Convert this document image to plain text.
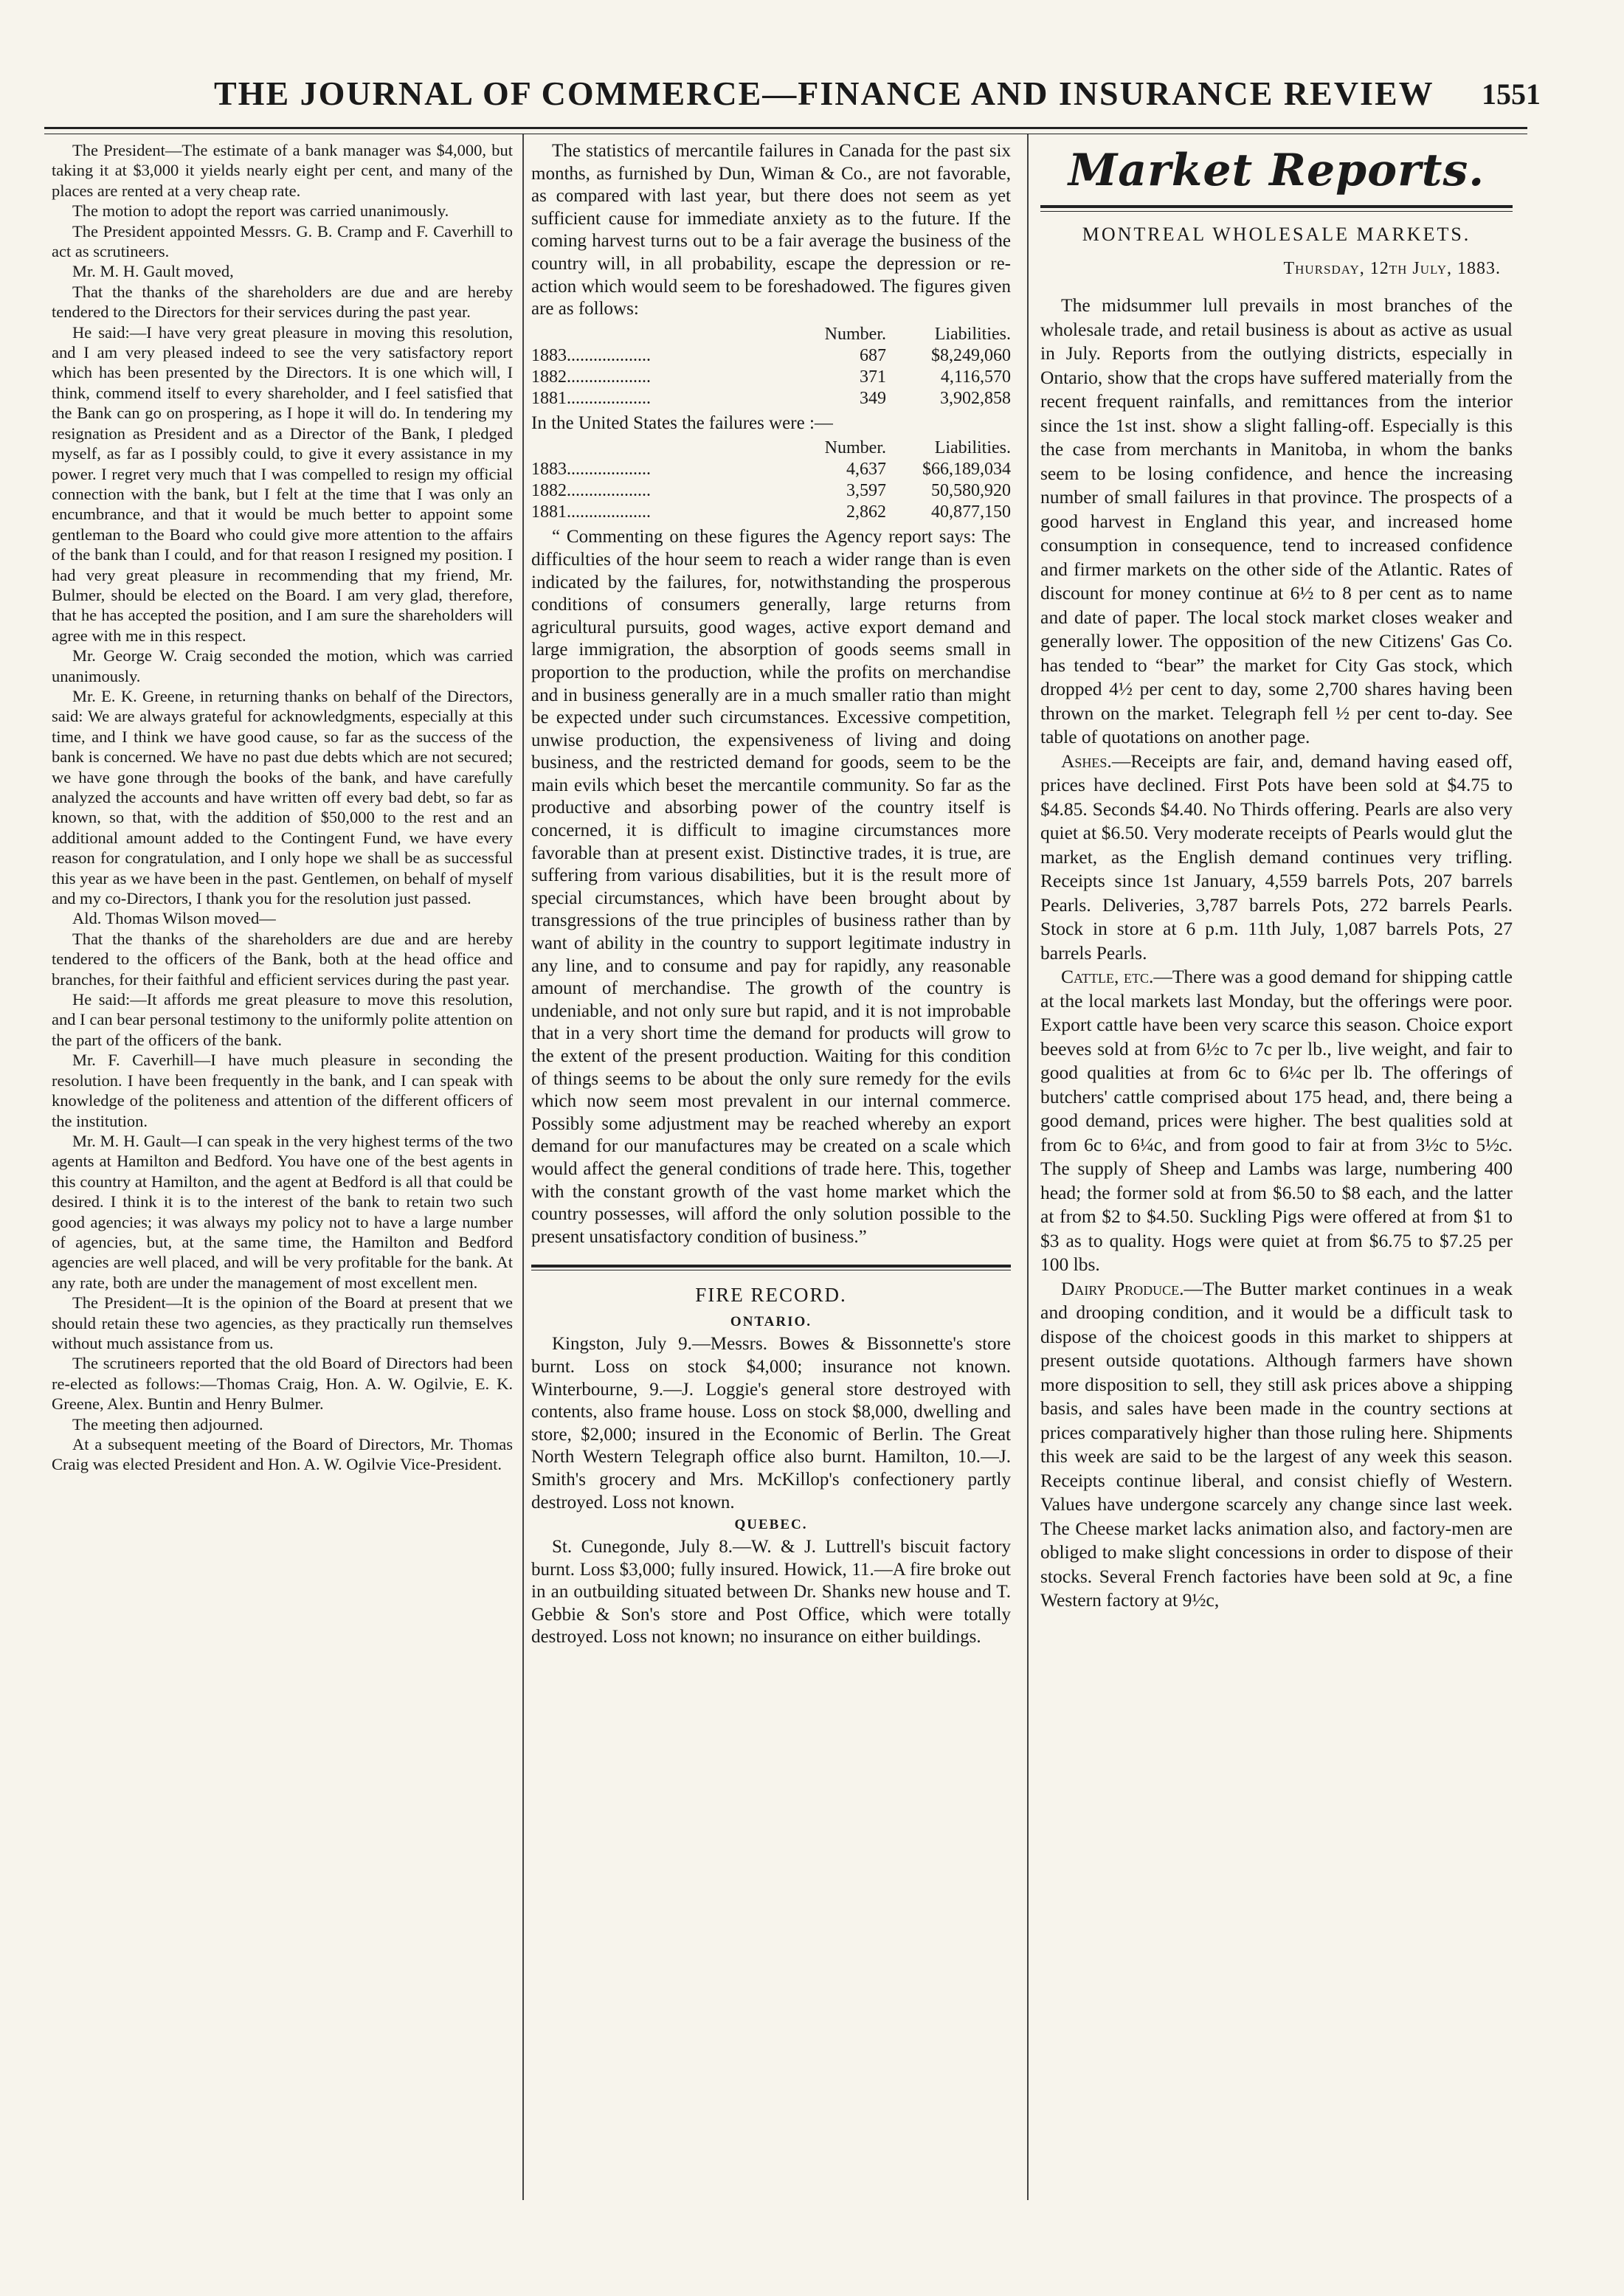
THE JOURNAL OF COMMERCE—FINANCE AND INSURANCE REVIEW 1551

The President—The estimate of a bank manager was $4,000, but taking it at $3,000 it yields nearly eight per cent, and many of the places are rented at a very cheap rate.

The motion to adopt the report was carried unanimously.

The President appointed Messrs. G. B. Cramp and F. Caverhill to act as scrutineers.

Mr. M. H. Gault moved,

That the thanks of the shareholders are due and are hereby tendered to the Directors for their services during the past year.

He said:—I have very great pleasure in moving this resolution, and I am very pleased indeed to see the very satisfactory report which has been presented by the Directors. It is one which will, I think, commend itself to every shareholder, and I feel satisfied that the Bank can go on prospering, as I hope it will do. In tendering my resignation as President and as a Director of the Bank, I pledged myself, as far as I possibly could, to give it every assistance in my power. I regret very much that I was compelled to resign my official connection with the bank, but I felt at the time that I was only an encumbrance, and that it would be much better to appoint some gentleman to the Board who could give more attention to the affairs of the bank than I could, and for that reason I resigned my position. I had very great pleasure in recommending that my friend, Mr. Bulmer, should be elected on the Board. I am very glad, therefore, that he has accepted the position, and I am sure the shareholders will agree with me in this respect.

Mr. George W. Craig seconded the motion, which was carried unanimously.

Mr. E. K. Greene, in returning thanks on behalf of the Directors, said: We are always grateful for acknowledgments, especially at this time, and I think we have good cause, so far as the success of the bank is concerned. We have no past due debts which are not secured; we have gone through the books of the bank, and have carefully analyzed the accounts and have written off every bad debt, so far as known, so that, with the addition of $50,000 to the rest and an additional amount added to the Contingent Fund, we have every reason for congratulation, and I only hope we shall be as successful this year as we have been in the past. Gentlemen, on behalf of myself and my co-Directors, I thank you for the resolution just passed.

Ald. Thomas Wilson moved—

That the thanks of the shareholders are due and are hereby tendered to the officers of the Bank, both at the head office and branches, for their faithful and efficient services during the past year.

He said:—It affords me great pleasure to move this resolution, and I can bear personal testimony to the uniformly polite attention on the part of the officers of the bank.

Mr. F. Caverhill—I have much pleasure in seconding the resolution. I have been frequently in the bank, and I can speak with knowledge of the politeness and attention of the different officers of the institution.

Mr. M. H. Gault—I can speak in the very highest terms of the two agents at Hamilton and Bedford. You have one of the best agents in this country at Hamilton, and the agent at Bedford is all that could be desired. I think it is to the interest of the bank to retain two such good agencies; it was always my policy not to have a large number of agencies, but, at the same time, the Hamilton and Bedford agencies are well placed, and will be very profitable for the bank. At any rate, both are under the management of most excellent men.

The President—It is the opinion of the Board at present that we should retain these two agencies, as they practically run themselves without much assistance from us.

The scrutineers reported that the old Board of Directors had been re-elected as follows:—Thomas Craig, Hon. A. W. Ogilvie, E. K. Greene, Alex. Buntin and Henry Bulmer.

The meeting then adjourned.

At a subsequent meeting of the Board of Directors, Mr. Thomas Craig was elected President and Hon. A. W. Ogilvie Vice-President.

The statistics of mercantile failures in Canada for the past six months, as furnished by Dun, Wiman & Co., are not favorable, as compared with last year, but there does not seem as yet sufficient cause for immediate anxiety as to the future. If the coming harvest turns out to be a fair average the business of the country will, in all probability, escape the depression or re-action which would seem to be foreshadowed. The figures given are as follows:

	Number.	Liabilities.
1883...................	687	$8,249,060
1882...................	371	4,116,570
1881...................	349	3,902,858

In the United States the failures were :—

	Number.	Liabilities.
1883...................	4,637	$66,189,034
1882...................	3,597	50,580,920
1881...................	2,862	40,877,150

“ Commenting on these figures the Agency report says: The difficulties of the hour seem to reach a wider range than is even indicated by the failures, for, notwithstanding the prosperous conditions of consumers generally, large returns from agricultural pursuits, good wages, active export demand and large immigration, the absorption of goods seems small in proportion to the production, while the profits on merchandise and in business generally are in a much smaller ratio than might be expected under such circumstances. Excessive competition, unwise production, the expensiveness of living and doing business, and the restricted demand for goods, seem to be the main evils which beset the mercantile community. So far as the productive and absorbing power of the country itself is concerned, it is difficult to imagine circumstances more favorable than at present exist. Distinctive trades, it is true, are suffering from various disabilities, but it is the result more of special circumstances, which have been brought about by transgressions of the true principles of business rather than by want of ability in the country to support legitimate industry in any line, and to consume and pay for rapidly, any reasonable amount of merchandise. The growth of the country is undeniable, and not only sure but rapid, and it is not improbable that in a very short time the demand for products will grow to the extent of the present production. Waiting for this condition of things seems to be about the only sure remedy for the evils which now seem most prevalent in our internal commerce. Possibly some adjustment may be reached whereby an export demand for our manufactures may be created on a scale which would affect the general conditions of trade here. This, together with the constant growth of the vast home market which the country possesses, will afford the only solution possible to the present unsatisfactory condition of business.”

FIRE RECORD.
ONTARIO.

Kingston, July 9.—Messrs. Bowes & Bissonnette's store burnt. Loss on stock $4,000; insurance not known. Winterbourne, 9.—J. Loggie's general store destroyed with contents, also frame house. Loss on stock $8,000, dwelling and store, $2,000; insured in the Economic of Berlin. The Great North Western Telegraph office also burnt. Hamilton, 10.—J. Smith's grocery and Mrs. McKillop's confectionery partly destroyed. Loss not known.

QUEBEC.

St. Cunegonde, July 8.—W. & J. Luttrell's biscuit factory burnt. Loss $3,000; fully insured. Howick, 11.—A fire broke out in an outbuilding situated between Dr. Shanks new house and T. Gebbie & Son's store and Post Office, which were totally destroyed. Loss not known; no insurance on either buildings.

Market Reports.
MONTREAL WHOLESALE MARKETS.
Thursday, 12th July, 1883.

The midsummer lull prevails in most branches of the wholesale trade, and retail business is about as active as usual in July. Reports from the outlying districts, especially in Ontario, show that the crops have suffered materially from the recent frequent rainfalls, and remittances from the interior since the 1st inst. show a slight falling-off. Especially is this the case from merchants in Manitoba, in whom the banks seem to be losing confidence, and hence the increasing number of small failures in that province. The prospects of a good harvest in England this year, and increased home consumption in consequence, tend to increased confidence and firmer markets on the other side of the Atlantic. Rates of discount for money continue at 6½ to 8 per cent as to name and date of paper. The local stock market closes weaker and generally lower. The opposition of the new Citizens' Gas Co. has tended to “bear” the market for City Gas stock, which dropped 4½ per cent to day, some 2,700 shares having been thrown on the market. Telegraph fell ½ per cent to-day. See table of quotations on another page.

Ashes.—Receipts are fair, and, demand having eased off, prices have declined. First Pots have been sold at $4.75 to $4.85. Seconds $4.40. No Thirds offering. Pearls are also very quiet at $6.50. Very moderate receipts of Pearls would glut the market, as the English demand continues very trifling. Receipts since 1st January, 4,559 barrels Pots, 207 barrels Pearls. Deliveries, 3,787 barrels Pots, 272 barrels Pearls. Stock in store at 6 p.m. 11th July, 1,087 barrels Pots, 27 barrels Pearls.

Cattle, etc.—There was a good demand for shipping cattle at the local markets last Monday, but the offerings were poor. Export cattle have been very scarce this season. Choice export beeves sold at from 6½c to 7c per lb., live weight, and fair to good qualities at from 6c to 6¼c per lb. The offerings of butchers' cattle comprised about 175 head, and, there being a good demand, prices were higher. The best qualities sold at from 6c to 6¼c, and from good to fair at from 3½c to 5½c. The supply of Sheep and Lambs was large, numbering 400 head; the former sold at from $6.50 to $8 each, and the latter at from $2 to $4.50. Suckling Pigs were offered at from $1 to $3 as to quality. Hogs were quiet at from $6.75 to $7.25 per 100 lbs.

Dairy Produce.—The Butter market continues in a weak and drooping condition, and it would be a difficult task to dispose of the choicest goods in this market to shippers at present outside quotations. Although farmers have shown more disposition to sell, they still ask prices above a shipping basis, and sales have been made in the country sections at prices comparatively higher than those ruling here. Shipments this week are said to be the largest of any week this season. Receipts continue liberal, and consist chiefly of Western. Values have undergone scarcely any change since last week. The Cheese market lacks animation also, and factory-men are obliged to make slight concessions in order to dispose of their stocks. Several French factories have been sold at 9c, a fine Western factory at 9½c,
